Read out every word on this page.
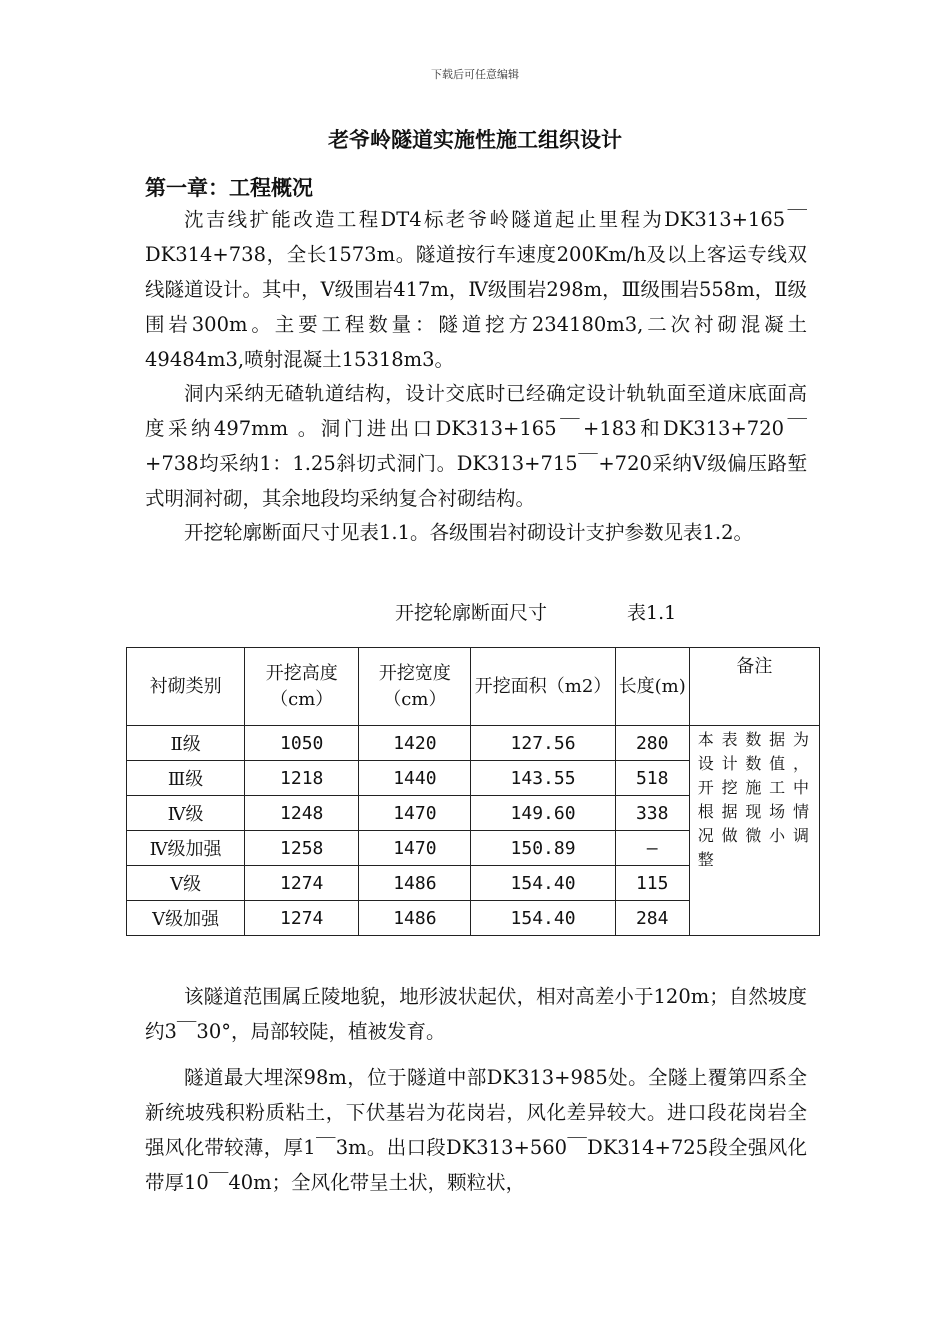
下载后可任意编辑
老爷岭隧道实施性施工组织设计
第一章：工程概况

沈吉线扩能改造工程DT4标老爷岭隧道起止里程为DK313+165￣DK314+738，全长1573m。隧道按行车速度200Km/h及以上客运专线双线隧道设计。其中，Ⅴ级围岩417m，Ⅳ级围岩298m，Ⅲ级围岩558m，Ⅱ级围岩300m。主要工程数量：隧道挖方234180m3,二次衬砌混凝土49484m3,喷射混凝土15318m3。

洞内采纳无碴轨道结构，设计交底时已经确定设计轨轨面至道床底面高度采纳497mm 。洞门进出口DK313+165￣+183和DK313+720￣+738均采纳1：1.25斜切式洞门。DK313+715￣+720采纳Ⅴ级偏压路堑式明洞衬砌，其余地段均采纳复合衬砌结构。

开挖轮廓断面尺寸见表1.1。各级围岩衬砌设计支护参数见表1.2。

开挖轮廓断面尺寸	表1.1
衬砌类别	开挖高度（cm）	开挖宽度（cm）	开挖面积（m2）	长度(m)	备注
Ⅱ级	1050	1420	127.56	280	本表数据为设计数值，开挖施工中根据现场情况做微小调整
Ⅲ级	1218	1440	143.55	518	
Ⅳ级	1248	1470	149.60	338	
Ⅳ级加强	1258	1470	150.89	—	
Ⅴ级	1274	1486	154.40	115	
Ⅴ级加强	1274	1486	154.40	284	

该隧道范围属丘陵地貌，地形波状起伏，相对高差小于120m；自然坡度约3￣30°，局部较陡，植被发育。

隧道最大埋深98m，位于隧道中部DK313+985处。全隧上覆第四系全新统坡残积粉质粘土，下伏基岩为花岗岩，风化差异较大。进口段花岗岩全强风化带较薄，厚1￣3m。出口段DK313+560￣DK314+725段全强风化带厚10￣40m；全风化带呈土状，颗粒状，
